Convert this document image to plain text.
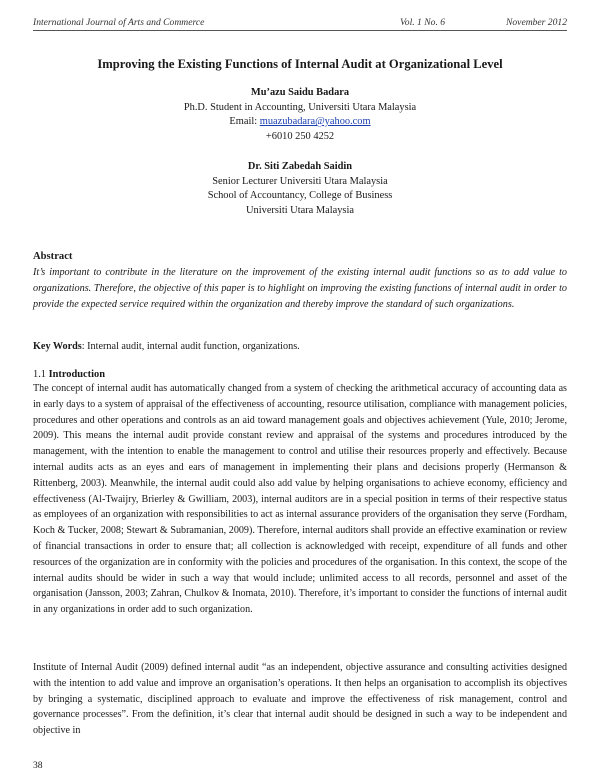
International Journal of Arts and Commerce	Vol. 1 No. 6	November 2012
Improving the Existing Functions of Internal Audit at Organizational Level
Mu’azu Saidu Badara
Ph.D. Student in Accounting, Universiti Utara Malaysia
Email: muazubadara@yahoo.com
+6010 250 4252
Dr. Siti Zabedah Saidin
Senior Lecturer Universiti Utara Malaysia
School of Accountancy, College of Business
Universiti Utara Malaysia
Abstract
It’s important to contribute in the literature on the improvement of the existing internal audit functions so as to add value to organizations. Therefore, the objective of this paper is to highlight on improving the existing functions of internal audit in order to provide the expected service required within the organization and thereby improve the standard of such organizations.
Key Words: Internal audit, internal audit function, organizations.
1.1 Introduction
The concept of internal audit has automatically changed from a system of checking the arithmetical accuracy of accounting data as in early days to a system of appraisal of the effectiveness of accounting, resource utilisation, compliance with management policies, procedures and other operations and controls as an aid toward management goals and objectives achievement (Yule, 2010; Jerome, 2009). This means the internal audit provide constant review and appraisal of the systems and procedures introduced by the management, with the intention to enable the management to control and utilise their resources properly and effectively. Because internal audits acts as an eyes and ears of management in implementing their plans and decisions properly (Hermanson & Rittenberg, 2003). Meanwhile, the internal audit could also add value by helping organisations to achieve economy, efficiency and effectiveness (Al-Twaijry, Brierley & Gwilliam, 2003), internal auditors are in a special position in terms of their respective status as employees of an organization with responsibilities to act as internal assurance providers of the organisation they serve (Fordham, Koch & Tucker, 2008; Stewart & Subramanian, 2009). Therefore, internal auditors shall provide an effective examination or review of financial transactions in order to ensure that; all collection is acknowledged with receipt, expenditure of all funds and other resources of the organization are in conformity with the policies and procedures of the organisation. In this context, the scope of the internal audits should be wider in such a way that would include; unlimited access to all records, personnel and asset of the organisation (Jansson, 2003; Zahran, Chulkov & Inomata, 2010). Therefore, it’s important to consider the functions of internal audit in any organizations in order add to such organization.
Institute of Internal Audit (2009) defined internal audit “as an independent, objective assurance and consulting activities designed with the intention to add value and improve an organisation’s operations. It then helps an organisation to accomplish its objectives by bringing a systematic, disciplined approach to evaluate and improve the effectiveness of risk management, control and governance processes”. From the definition, it’s clear that internal audit should be designed in such a way to be independent and objective in
38
